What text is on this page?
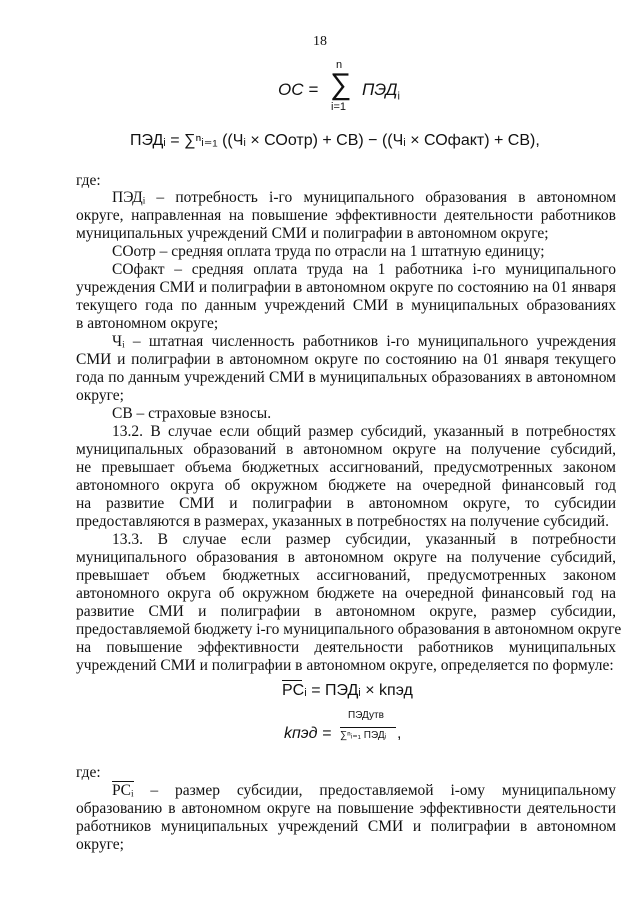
18
ОС =
n
∑
i=1
$ПЭД_i$
ПЭДᵢ = ∑ⁿᵢ₌₁ ((Чᵢ × СОотр) + СВ) − ((Чᵢ × СОфакт) + СВ),
где:
ПЭДᵢ – потребность i-го муниципального образования в автономном
округе, направленная на повышение эффективности деятельности работников
муниципальных учреждений СМИ и полиграфии в автономном округе;
СОотр – средняя оплата труда по отрасли на 1 штатную единицу;
СОфакт – средняя оплата труда на 1 работника i-го муниципального
учреждения СМИ и полиграфии в автономном округе по состоянию на 01 января
текущего года по данным учреждений СМИ в муниципальных образованиях
в автономном округе;
Чᵢ – штатная численность работников i-го муниципального учреждения
СМИ и полиграфии в автономном округе по состоянию на 01 января текущего
года по данным учреждений СМИ в муниципальных образованиях в автономном
округе;
СВ – страховые взносы.
13.2. В случае если общий размер субсидий, указанный в потребностях
муниципальных образований в автономном округе на получение субсидий,
не превышает объема бюджетных ассигнований, предусмотренных законом
автономного округа об окружном бюджете на очередной финансовый год
на развитие СМИ и полиграфии в автономном округе, то субсидии
предоставляются в размерах, указанных в потребностях на получение субсидий.
13.3. В случае если размер субсидии, указанный в потребности
муниципального образования в автономном округе на получение субсидий,
превышает объем бюджетных ассигнований, предусмотренных законом
автономного округа об окружном бюджете на очередной финансовый год на
развитие СМИ и полиграфии в автономном округе, размер субсидии,
предоставляемой бюджету i-го муниципального образования в автономном округе
на повышение эффективности деятельности работников муниципальных
учреждений СМИ и полиграфии в автономном округе, определяется по формуле:
PCᵢ = ПЭДᵢ × kпэд
kпэд =
ПЭДутв
∑ⁿᵢ₌₁ ПЭДᵢ ,
где:
PCᵢ – размер субсидии, предоставляемой i-ому муниципальному
образованию в автономном округе на повышение эффективности деятельности
работников муниципальных учреждений СМИ и полиграфии в автономном
округе;
